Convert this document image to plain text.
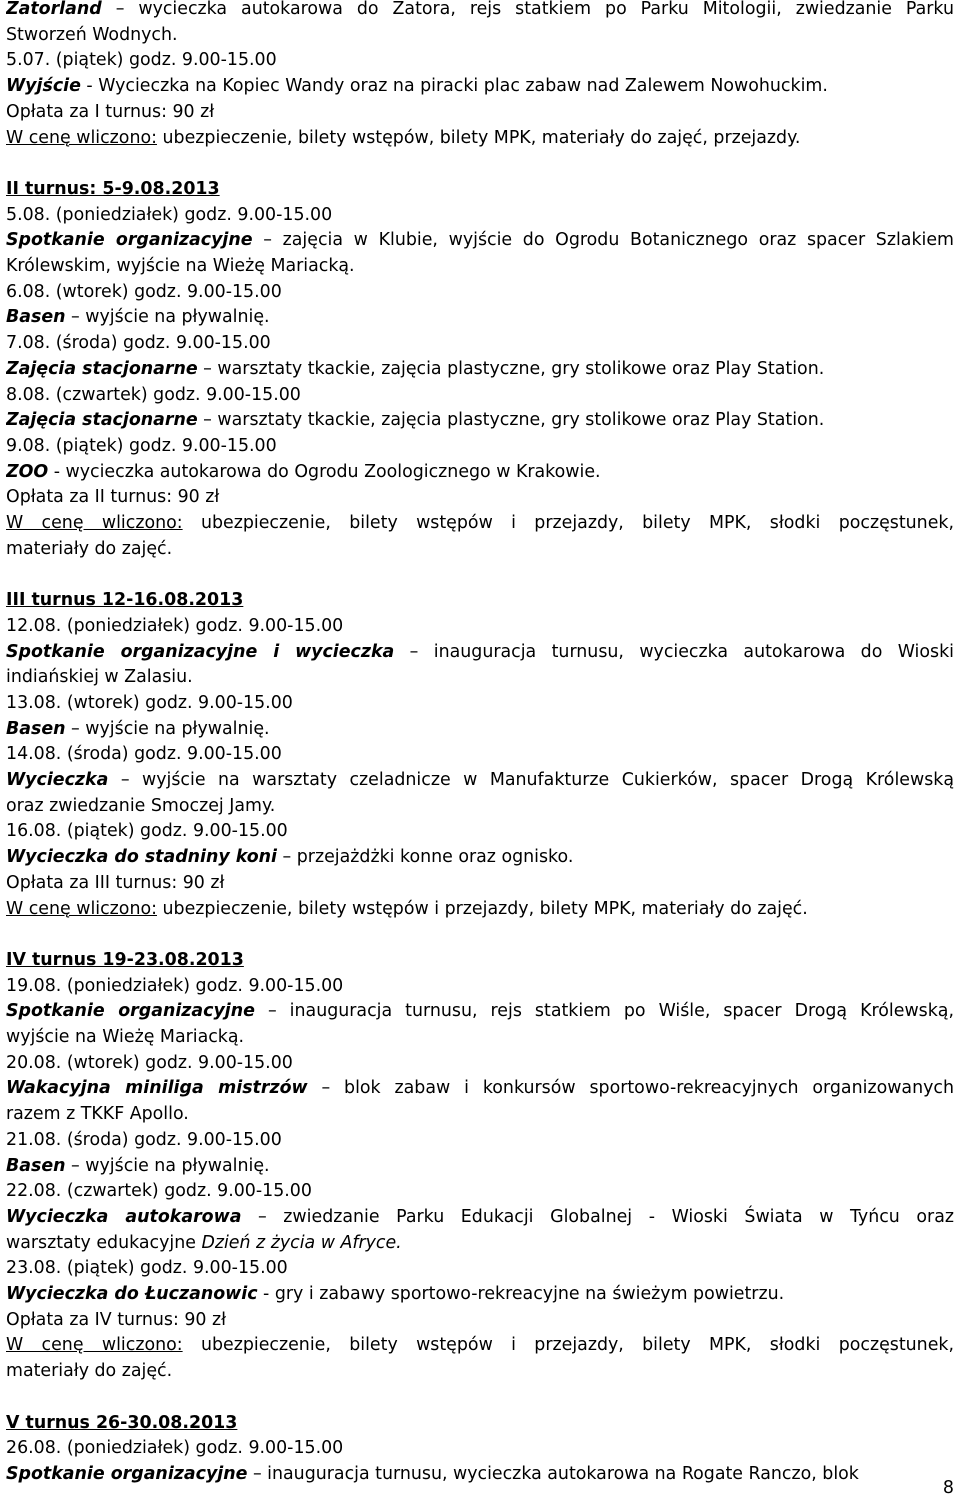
Zatorland – wycieczka autokarowa do Zatora, rejs statkiem po Parku Mitologii, zwiedzanie Parku
Stworzeń Wodnych.
5.07. (piątek) godz. 9.00-15.00
Wyjście - Wycieczka na Kopiec Wandy oraz na piracki plac zabaw nad Zalewem Nowohuckim.
Opłata za I turnus: 90 zł
W cenę wliczono: ubezpieczenie, bilety wstępów, bilety MPK, materiały do zajęć, przejazdy.
II turnus: 5-9.08.2013
5.08. (poniedziałek) godz. 9.00-15.00
Spotkanie organizacyjne – zajęcia w Klubie, wyjście do Ogrodu Botanicznego oraz spacer Szlakiem
Królewskim, wyjście na Wieżę Mariacką.
6.08. (wtorek) godz. 9.00-15.00
Basen – wyjście na pływalnię.
7.08. (środa) godz. 9.00-15.00
Zajęcia stacjonarne – warsztaty tkackie, zajęcia plastyczne, gry stolikowe oraz Play Station.
8.08. (czwartek) godz. 9.00-15.00
Zajęcia stacjonarne – warsztaty tkackie, zajęcia plastyczne, gry stolikowe oraz Play Station.
9.08. (piątek) godz. 9.00-15.00
ZOO - wycieczka autokarowa do Ogrodu Zoologicznego w Krakowie.
Opłata za II turnus: 90 zł
W cenę wliczono: ubezpieczenie, bilety wstępów i przejazdy, bilety MPK, słodki poczęstunek,
materiały do zajęć.
III turnus 12-16.08.2013
12.08. (poniedziałek) godz. 9.00-15.00
Spotkanie organizacyjne i wycieczka – inauguracja turnusu, wycieczka autokarowa do Wioski
indiańskiej w Zalasiu.
13.08. (wtorek) godz. 9.00-15.00
Basen – wyjście na pływalnię.
14.08. (środa) godz. 9.00-15.00
Wycieczka – wyjście na warsztaty czeladnicze w Manufakturze Cukierków, spacer Drogą Królewską
oraz zwiedzanie Smoczej Jamy.
16.08. (piątek) godz. 9.00-15.00
Wycieczka do stadniny koni – przejażdżki konne oraz ognisko.
Opłata za III turnus: 90 zł
W cenę wliczono: ubezpieczenie, bilety wstępów i przejazdy, bilety MPK, materiały do zajęć.
IV turnus 19-23.08.2013
19.08. (poniedziałek) godz. 9.00-15.00
Spotkanie organizacyjne – inauguracja turnusu, rejs statkiem po Wiśle, spacer Drogą Królewską,
wyjście na Wieżę Mariacką.
20.08. (wtorek) godz. 9.00-15.00
Wakacyjna miniliga mistrzów – blok zabaw i konkursów sportowo-rekreacyjnych organizowanych
razem z TKKF Apollo.
21.08. (środa) godz. 9.00-15.00
Basen – wyjście na pływalnię.
22.08. (czwartek) godz. 9.00-15.00
Wycieczka autokarowa – zwiedzanie Parku Edukacji Globalnej - Wioski Świata w Tyńcu oraz
warsztaty edukacyjne Dzień z życia w Afryce.
23.08. (piątek) godz. 9.00-15.00
Wycieczka do Łuczanowic - gry i zabawy sportowo-rekreacyjne na świeżym powietrzu.
Opłata za IV turnus: 90 zł
W cenę wliczono: ubezpieczenie, bilety wstępów i przejazdy, bilety MPK, słodki poczęstunek,
materiały do zajęć.
V turnus 26-30.08.2013
26.08. (poniedziałek) godz. 9.00-15.00
Spotkanie organizacyjne – inauguracja turnusu, wycieczka autokarowa na Rogate Ranczo, blok
8
